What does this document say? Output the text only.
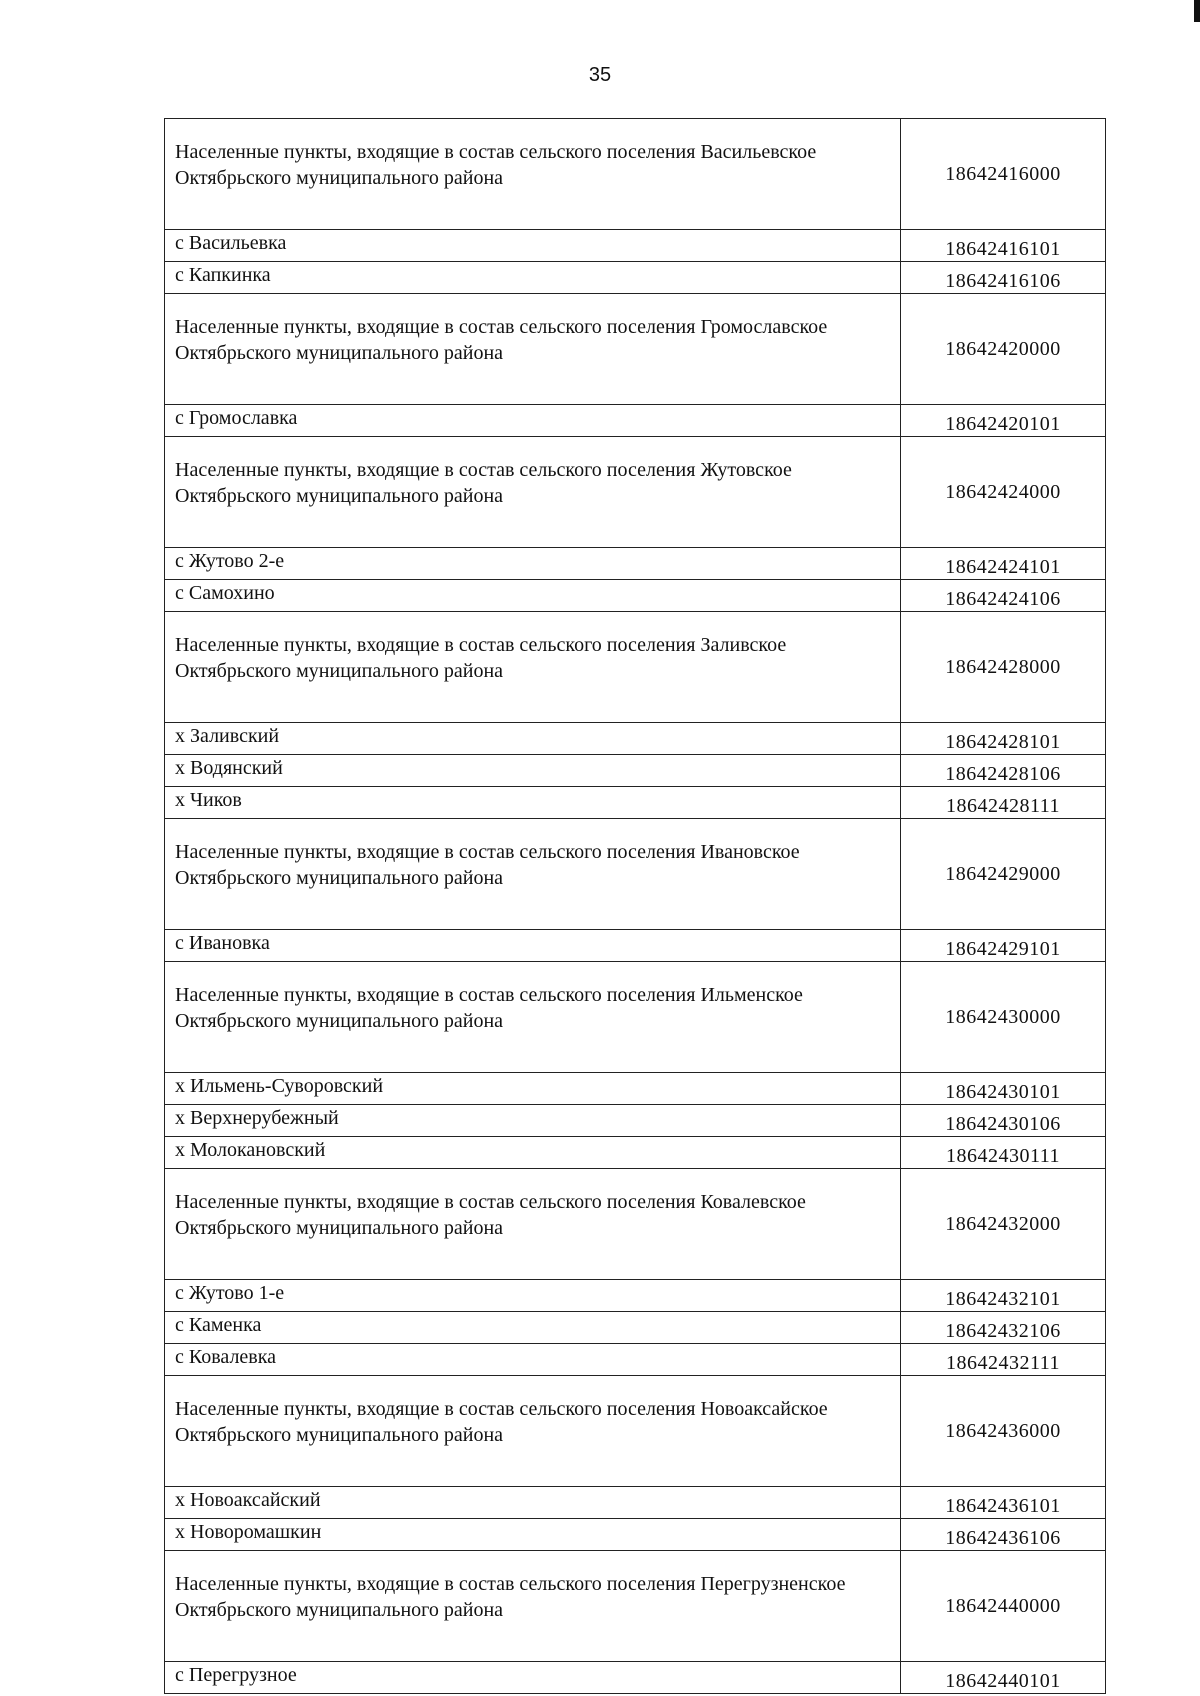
35
Населенные пункты, входящие в состав сельского поселения Васильевское Октябрьского муниципального района	18642416000
с Васильевка	18642416101
с Капкинка	18642416106
Населенные пункты, входящие в состав сельского поселения Громославское Октябрьского муниципального района	18642420000
с Громославка	18642420101
Населенные пункты, входящие в состав сельского поселения Жутовское Октябрьского муниципального района	18642424000
с Жутово 2-е	18642424101
с Самохино	18642424106
Населенные пункты, входящие в состав сельского поселения Заливское Октябрьского муниципального района	18642428000
х Заливский	18642428101
х Водянский	18642428106
х Чиков	18642428111
Населенные пункты, входящие в состав сельского поселения Ивановское Октябрьского муниципального района	18642429000
с Ивановка	18642429101
Населенные пункты, входящие в состав сельского поселения Ильменское Октябрьского муниципального района	18642430000
х Ильмень-Суворовский	18642430101
х Верхнерубежный	18642430106
х Молокановский	18642430111
Населенные пункты, входящие в состав сельского поселения Ковалевское Октябрьского муниципального района	18642432000
с Жутово 1-е	18642432101
с Каменка	18642432106
с Ковалевка	18642432111
Населенные пункты, входящие в состав сельского поселения Новоаксайское Октябрьского муниципального района	18642436000
х Новоаксайский	18642436101
х Новоромашкин	18642436106
Населенные пункты, входящие в состав сельского поселения Перегрузненское Октябрьского муниципального района	18642440000
с Перегрузное	18642440101
